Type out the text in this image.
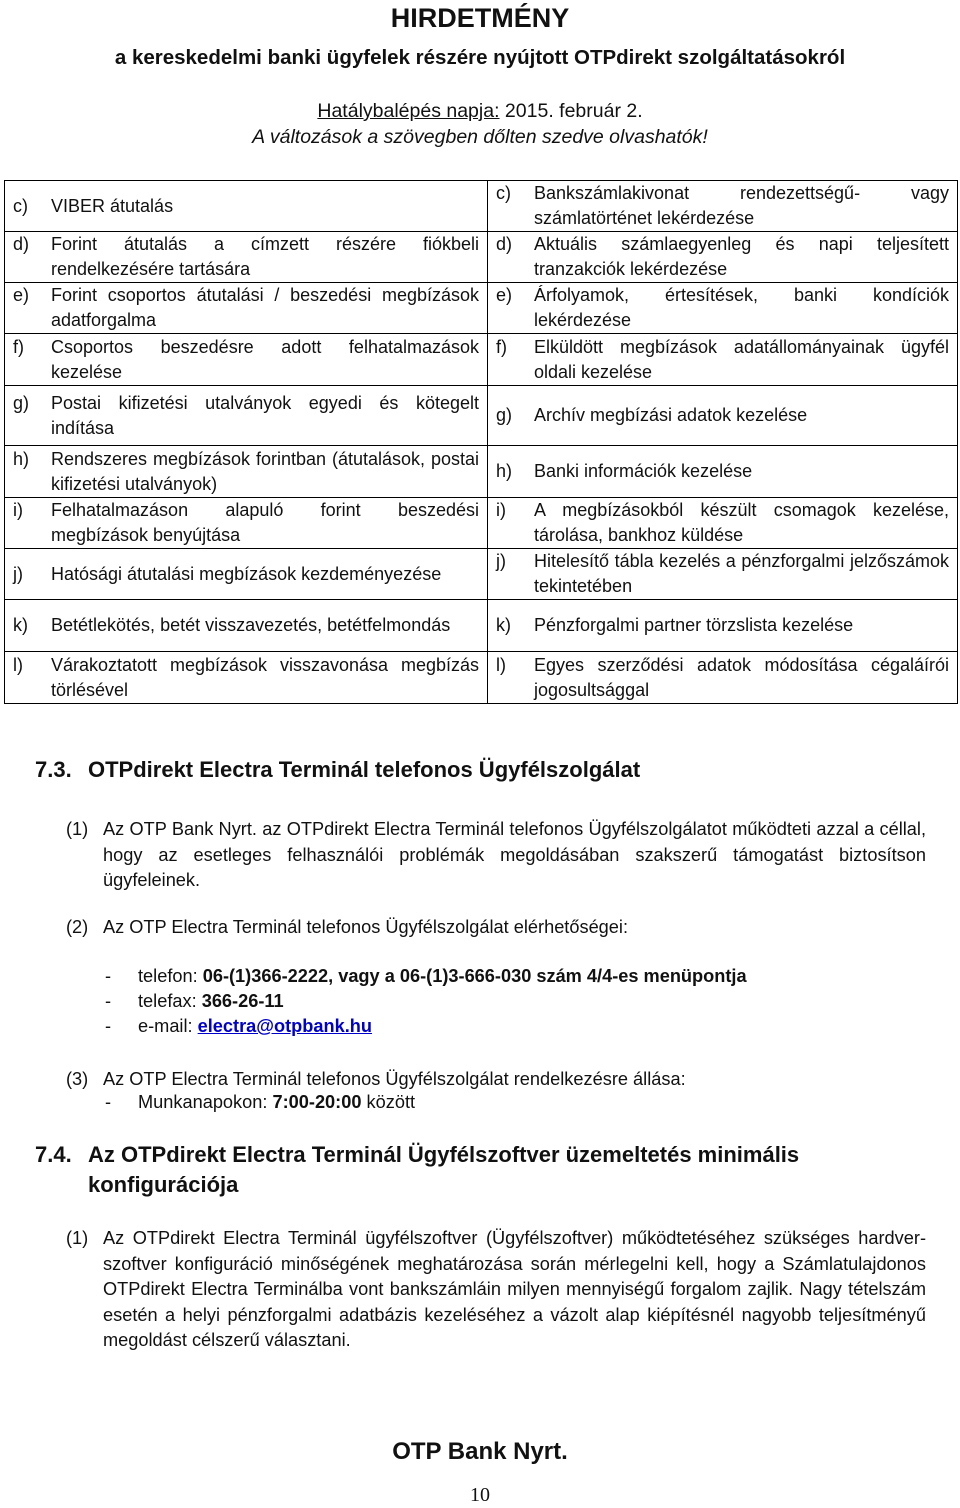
HIRDETMÉNY
a kereskedelmi banki ügyfelek részére nyújtott OTPdirekt szolgáltatásokról
Hatálybalépés napja: 2015. február 2.
A változások a szövegben dőlten szedve olvashatók!
c) VIBER átutalás	c) Bankszámlakivonat rendezettségű- vagy számlatörténet lekérdezése

d) Forint átutalás a címzett részére fiókbeli rendelkezésére tartására	d) Aktuális számlaegyenleg és napi teljesített tranzakciók lekérdezése

e) Forint csoportos átutalási / beszedési megbízások adatforgalma	e) Árfolyamok, értesítések, banki kondíciók lekérdezése

f) Csoportos beszedésre adott felhatalmazások kezelése	f) Elküldött megbízások adatállományainak ügyfél oldali kezelése

g) Postai kifizetési utalványok egyedi és kötegelt indítása	g) Archív megbízási adatok kezelése

h) Rendszeres megbízások forintban (átutalások, postai kifizetési utalványok)	h) Banki információk kezelése

i) Felhatalmazáson alapuló forint beszedési megbízások benyújtása	i) A megbízásokból készült csomagok kezelése, tárolása, bankhoz küldése

j) Hatósági átutalási megbízások kezdeményezése	j) Hitelesítő tábla kezelés a pénzforgalmi jelzőszámok tekintetében

k) Betétlekötés, betét visszavezetés, betétfelmondás	k) Pénzforgalmi partner törzslista kezelése

l) Várakoztatott megbízások visszavonása megbízás törlésével	l) Egyes szerződési adatok módosítása cégaláírói jogosultsággal
7.3. OTPdirekt Electra Terminál telefonos Ügyfélszolgálat
(1) Az OTP Bank Nyrt. az OTPdirekt Electra Terminál telefonos Ügyfélszolgálatot működteti azzal a céllal, hogy az esetleges felhasználói problémák megoldásában szakszerű támogatást biztosítson ügyfeleinek.
(2) Az OTP Electra Terminál telefonos Ügyfélszolgálat elérhetőségei:
- telefon: 06-(1)366-2222, vagy a 06-(1)3-666-030 szám 4/4-es menüpontja
- telefax: 366-26-11
- e-mail: electra@otpbank.hu
(3) Az OTP Electra Terminál telefonos Ügyfélszolgálat rendelkezésre állása:
- Munkanapokon: 7:00-20:00 között
7.4. Az OTPdirekt Electra Terminál Ügyfélszoftver üzemeltetés minimális
konfigurációja
(1) Az OTPdirekt Electra Terminál ügyfélszoftver (Ügyfélszoftver) működtetéséhez szükséges hardver-szoftver konfiguráció minőségének meghatározása során mérlegelni kell, hogy a Számlatulajdonos OTPdirekt Electra Terminálba vont bankszámláin milyen mennyiségű forgalom zajlik. Nagy tételszám esetén a helyi pénzforgalmi adatbázis kezeléséhez a vázolt alap kiépítésnél nagyobb teljesítményű megoldást célszerű választani.
OTP Bank Nyrt.
10
